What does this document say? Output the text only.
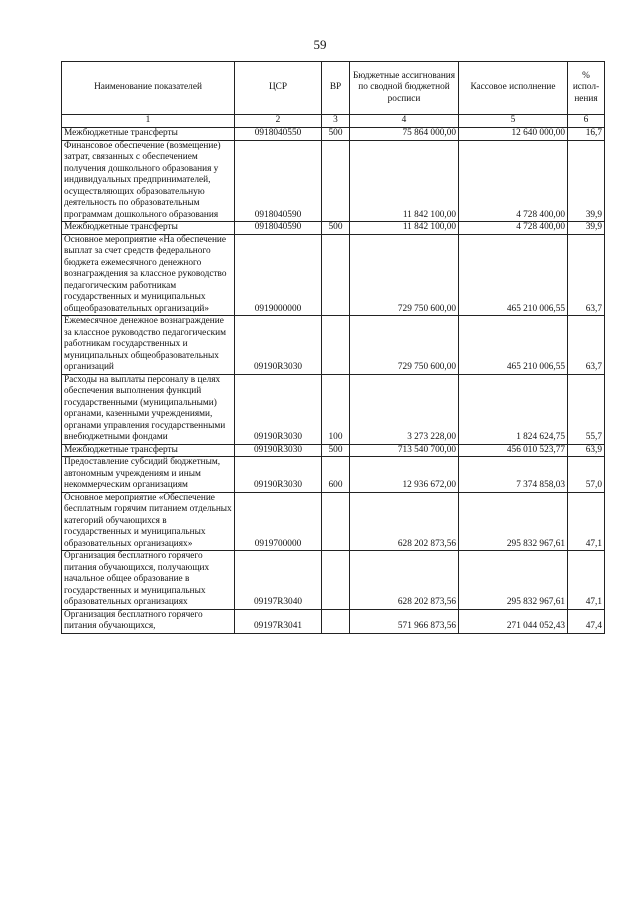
59
Наименование показателей	ЦСР	ВР	Бюджетные ассигнования по сводной бюджетной росписи	Кассовое исполнение	% испол-нения
1	2	3	4	5	6
Межбюджетные трансферты	0918040550	500	75 864 000,00	12 640 000,00	16,7
Финансовое обеспечение (возмещение) затрат, связанных с обеспечением получения дошкольного образования у индивидуальных предпринимателей, осуществляющих образовательную деятельность по образовательным программам дошкольного образования	0918040590		11 842 100,00	4 728 400,00	39,9
Межбюджетные трансферты	0918040590	500	11 842 100,00	4 728 400,00	39,9
Основное мероприятие «На обеспечение выплат за счет средств федерального бюджета ежемесячного денежного вознаграждения за классное руководство педагогическим работникам государственных и муниципальных общеобразовательных организаций»	0919000000		729 750 600,00	465 210 006,55	63,7
Ежемесячное денежное вознаграждение за классное руководство педагогическим работникам государственных и муниципальных общеобразовательных организаций	09190R3030		729 750 600,00	465 210 006,55	63,7
Расходы на выплаты персоналу в целях обеспечения выполнения функций государственными (муниципальными) органами, казенными учреждениями, органами управления государственными внебюджетными фондами	09190R3030	100	3 273 228,00	1 824 624,75	55,7
Межбюджетные трансферты	09190R3030	500	713 540 700,00	456 010 523,77	63,9
Предоставление субсидий бюджетным, автономным учреждениям и иным некоммерческим организациям	09190R3030	600	12 936 672,00	7 374 858,03	57,0
Основное мероприятие «Обеспечение бесплатным горячим питанием отдельных категорий обучающихся в государственных и муниципальных образовательных организациях»	0919700000		628 202 873,56	295 832 967,61	47,1
Организация бесплатного горячего питания обучающихся, получающих начальное общее образование в государственных и муниципальных образовательных организациях	09197R3040		628 202 873,56	295 832 967,61	47,1
Организация бесплатного горячего питания обучающихся,	09197R3041		571 966 873,56	271 044 052,43	47,4
